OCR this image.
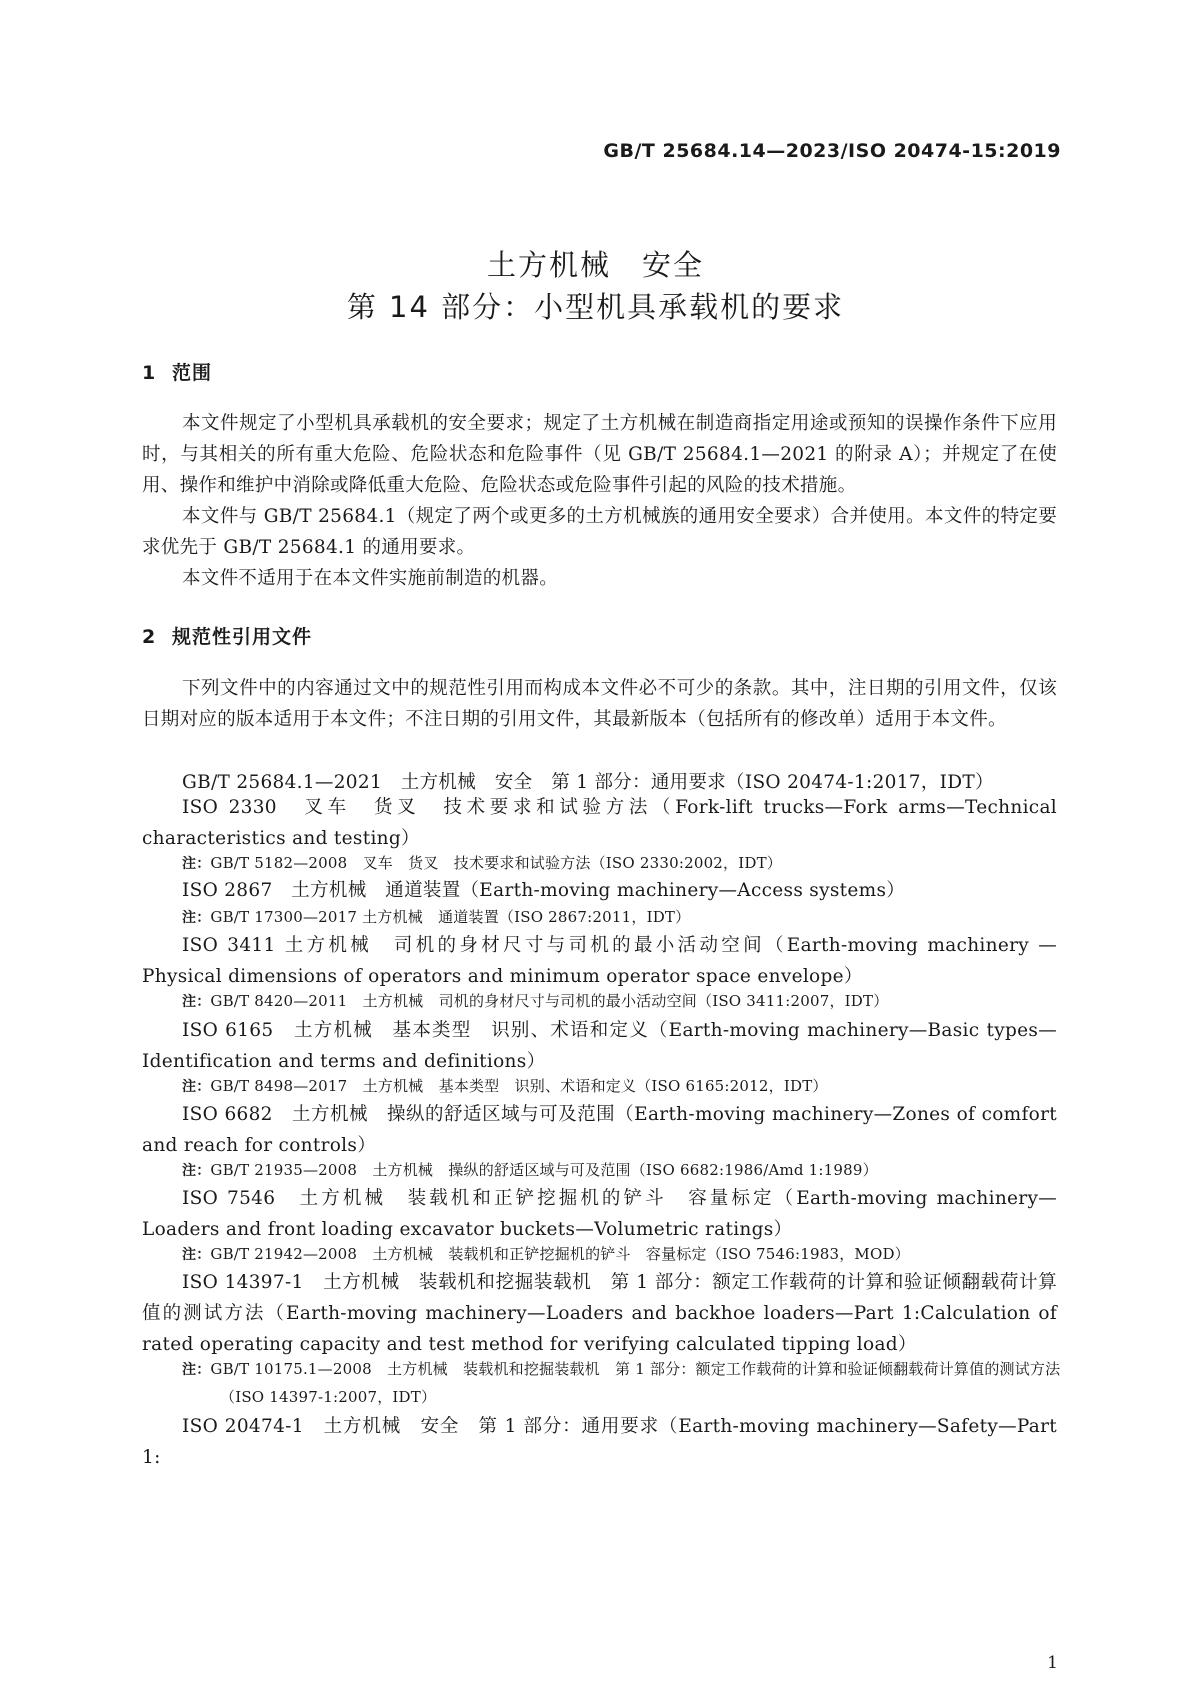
GB/T 25684.14—2023/ISO 20474-15:2019
土方机械　安全
第 14 部分：小型机具承载机的要求
1 范围
本文件规定了小型机具承载机的安全要求；规定了土方机械在制造商指定用途或预知的误操作条件下应用时，与其相关的所有重大危险、危险状态和危险事件（见 GB/T 25684.1—2021 的附录 A）；并规定了在使用、操作和维护中消除或降低重大危险、危险状态或危险事件引起的风险的技术措施。
本文件与 GB/T 25684.1（规定了两个或更多的土方机械族的通用安全要求）合并使用。本文件的特定要求优先于 GB/T 25684.1 的通用要求。
本文件不适用于在本文件实施前制造的机器。
2 规范性引用文件
下列文件中的内容通过文中的规范性引用而构成本文件必不可少的条款。其中，注日期的引用文件，仅该日期对应的版本适用于本文件；不注日期的引用文件，其最新版本（包括所有的修改单）适用于本文件。
GB/T 25684.1—2021　土方机械　安全　第 1 部分：通用要求（ISO 20474-1:2017，IDT）
ISO 2330　叉车　货叉　技术要求和试验方法（Fork-lift trucks—Fork arms—Technical characteristics and testing）
注：GB/T 5182—2008　叉车　货叉　技术要求和试验方法（ISO 2330:2002，IDT）
ISO 2867　土方机械　通道装置（Earth-moving machinery—Access systems）
注：GB/T 17300—2017 土方机械　通道装置（ISO 2867:2011，IDT）
ISO 3411 土方机械　司机的身材尺寸与司机的最小活动空间（Earth-moving machinery — Physical dimensions of operators and minimum operator space envelope）
注：GB/T 8420—2011　土方机械　司机的身材尺寸与司机的最小活动空间（ISO 3411:2007，IDT）
ISO 6165　土方机械　基本类型　识别、术语和定义（Earth-moving machinery—Basic types—Identification and terms and definitions）
注：GB/T 8498—2017　土方机械　基本类型　识别、术语和定义（ISO 6165:2012，IDT）
ISO 6682　土方机械　操纵的舒适区域与可及范围（Earth-moving machinery—Zones of comfort and reach for controls）
注：GB/T 21935—2008　土方机械　操纵的舒适区域与可及范围（ISO 6682:1986/Amd 1:1989）
ISO 7546　土方机械　装载机和正铲挖掘机的铲斗　容量标定（Earth-moving machinery—Loaders and front loading excavator buckets—Volumetric ratings）
注：GB/T 21942—2008　土方机械　装载机和正铲挖掘机的铲斗　容量标定（ISO 7546:1983，MOD）
ISO 14397-1　土方机械　装载机和挖掘装载机　第 1 部分：额定工作载荷的计算和验证倾翻载荷计算值的测试方法（Earth-moving machinery—Loaders and backhoe loaders—Part 1:Calculation of rated operating capacity and test method for verifying calculated tipping load）
注：GB/T 10175.1—2008　土方机械　装载机和挖掘装载机　第 1 部分：额定工作载荷的计算和验证倾翻载荷计算值的测试方法（ISO 14397-1:2007，IDT）
ISO 20474-1　土方机械　安全　第 1 部分：通用要求（Earth-moving machinery—Safety—Part 1:
1
